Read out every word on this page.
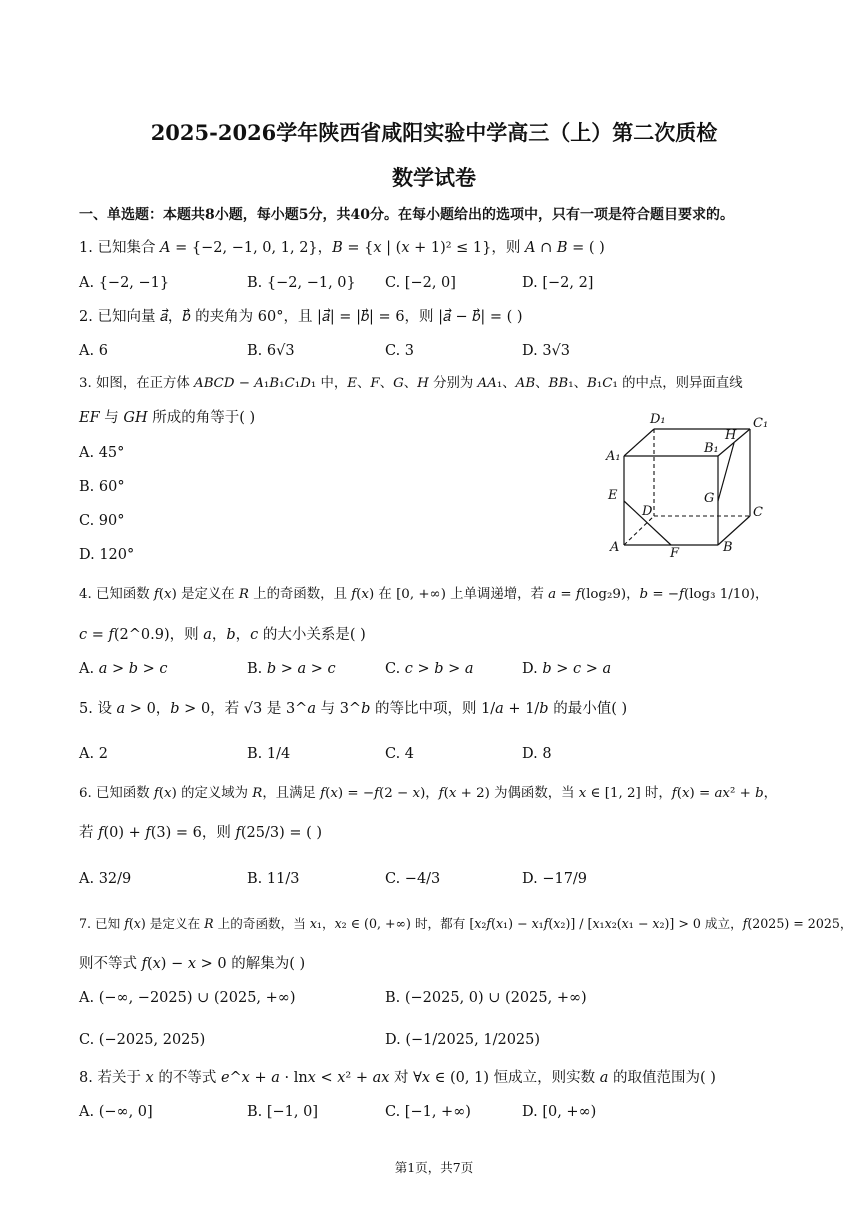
2025-2026学年陕西省咸阳实验中学高三（上）第二次质检
数学试卷
一、单选题：本题共8小题，每小题5分，共40分。在每小题给出的选项中，只有一项是符合题目要求的。
1. 已知集合 𝐴 = {−2, −1, 0, 1, 2}，𝐵 = {𝑥 | (𝑥 + 1)² ≤ 1}，则 𝐴 ∩ 𝐵 = ( )
A. {−2, −1}	B. {−2, −1, 0} C. [−2, 0]	D. [−2, 2]
2. 已知向量 𝑎⃗，𝑏⃗ 的夹角为 60°，且 |𝑎⃗| = |𝑏⃗| = 6，则 |𝑎⃗ − 𝑏⃗| = ( )
A. 6	B. 6√3	C. 3	D. 3√3
3. 如图，在正方体 𝐴𝐵𝐶𝐷 − 𝐴₁𝐵₁𝐶₁𝐷₁ 中，𝐸、𝐹、𝐺、𝐻 分别为 𝐴𝐴₁、𝐴𝐵、𝐵𝐵₁、𝐵₁𝐶₁ 的中点，则异面直线
𝐸𝐹 与 𝐺𝐻 所成的角等于( )
A. 45°
B. 60°
C. 90°
D. 120°
D₁	C₁
H
B₁
A₁
E	G
D	C
A	B
F
4. 已知函数 𝑓(𝑥) 是定义在 𝑅 上的奇函数，且 𝑓(𝑥) 在 [0, +∞) 上单调递增，若 𝑎 = 𝑓(log₂9)，𝑏 = −𝑓(log₃ 1/10)，
𝑐 = 𝑓(2^0.9)，则 𝑎，𝑏，𝑐 的大小关系是( )
A. 𝑎 > 𝑏 > 𝑐	B. 𝑏 > 𝑎 > 𝑐	C. 𝑐 > 𝑏 > 𝑎	D. 𝑏 > 𝑐 > 𝑎
5. 设 𝑎 > 0，𝑏 > 0，若 √3 是 3^𝑎 与 3^𝑏 的等比中项，则 1/𝑎 + 1/𝑏 的最小值( )
A. 2	B. 1/4	C. 4	D. 8
6. 已知函数 𝑓(𝑥) 的定义域为 𝑅，且满足 𝑓(𝑥) = −𝑓(2 − 𝑥)，𝑓(𝑥 + 2) 为偶函数，当 𝑥 ∈ [1, 2] 时，𝑓(𝑥) = 𝑎𝑥² + 𝑏，
若 𝑓(0) + 𝑓(3) = 6，则 𝑓(25/3) = ( )
A. 32/9	B. 11/3	C. −4/3	D. −17/9
7. 已知 𝑓(𝑥) 是定义在 𝑅 上的奇函数，当 𝑥₁，𝑥₂ ∈ (0, +∞) 时，都有 [𝑥₂𝑓(𝑥₁) − 𝑥₁𝑓(𝑥₂)] / [𝑥₁𝑥₂(𝑥₁ − 𝑥₂)] > 0 成立，𝑓(2025) = 2025，
则不等式 𝑓(𝑥) − 𝑥 > 0 的解集为( )
A. (−∞, −2025) ∪ (2025, +∞)	B. (−2025, 0) ∪ (2025, +∞)
C. (−2025, 2025)	D. (−1/2025, 1/2025)
8. 若关于 𝑥 的不等式 𝑒^𝑥 + 𝑎 · ln𝑥 < 𝑥² + 𝑎𝑥 对 ∀𝑥 ∈ (0, 1) 恒成立，则实数 𝑎 的取值范围为( )
A. (−∞, 0]	B. [−1, 0]	C. [−1, +∞)	D. [0, +∞)
第1页，共7页
